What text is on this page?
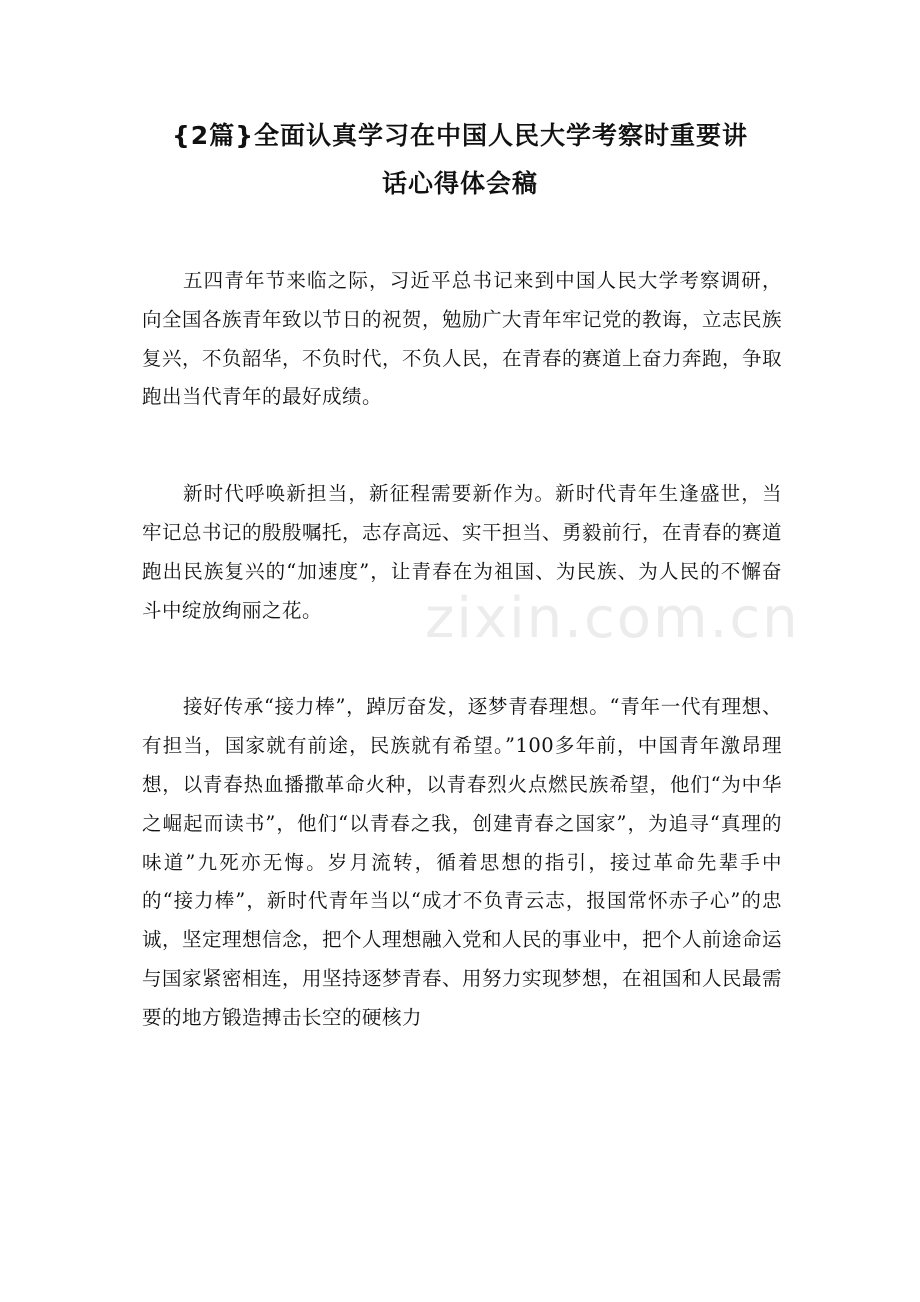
{2篇}全面认真学习在中国人民大学考察时重要讲
话心得体会稿

五四青年节来临之际，习近平总书记来到中国人民大学考察调研，向全国各族青年致以节日的祝贺，勉励广大青年牢记党的教诲，立志民族复兴，不负韶华，不负时代，不负人民，在青春的赛道上奋力奔跑，争取跑出当代青年的最好成绩。

新时代呼唤新担当，新征程需要新作为。新时代青年生逢盛世，当牢记总书记的殷殷嘱托，志存高远、实干担当、勇毅前行，在青春的赛道跑出民族复兴的“加速度”，让青春在为祖国、为民族、为人民的不懈奋斗中绽放绚丽之花。

接好传承“接力棒”，踔厉奋发，逐梦青春理想。“青年一代有理想、有担当，国家就有前途，民族就有希望。”100多年前，中国青年激昂理想，以青春热血播撒革命火种，以青春烈火点燃民族希望，他们“为中华之崛起而读书”，他们“以青春之我，创建青春之国家”，为追寻“真理的味道”九死亦无悔。岁月流转，循着思想的指引，接过革命先辈手中的“接力棒”，新时代青年当以“成才不负青云志，报国常怀赤子心”的忠诚，坚定理想信念，把个人理想融入党和人民的事业中，把个人前途命运与国家紧密相连，用坚持逐梦青春、用努力实现梦想，在祖国和人民最需要的地方锻造搏击长空的硬核力

zixin.com.cn
